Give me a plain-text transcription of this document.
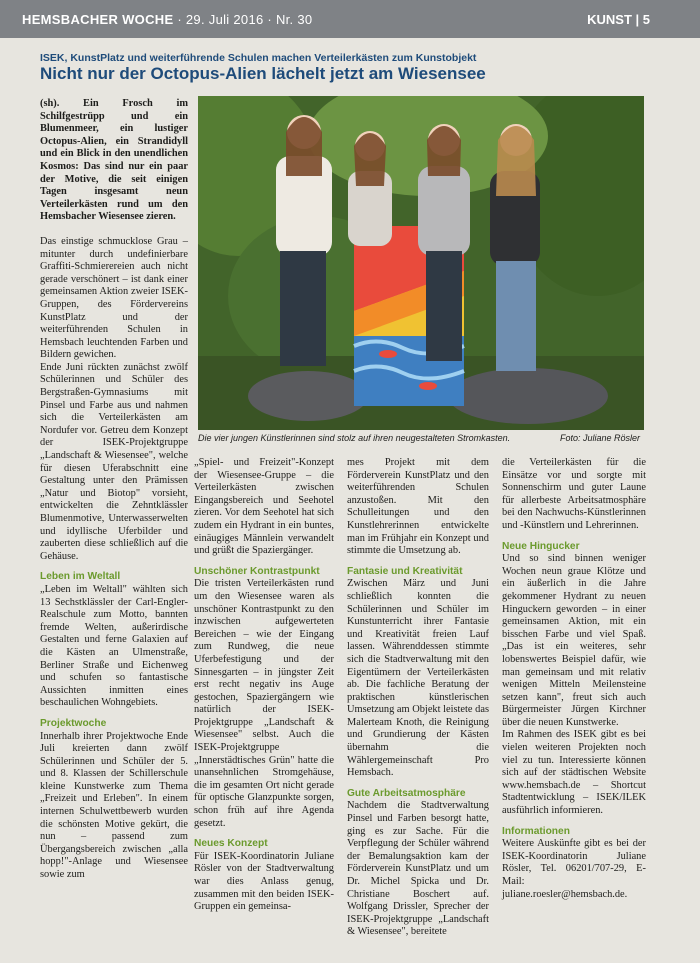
HEMSBACHER WOCHE · 29. Juli 2016 · Nr. 30	KUNST | 5
ISEK, KunstPlatz und weiterführende Schulen machen Verteilerkästen zum Kunstobjekt
Nicht nur der Octopus-Alien lächelt jetzt am Wiesensee
Die vier jungen Künstlerinnen sind stolz auf ihren neugestalteten Stromkasten.	Foto: Juliane Rösler

(sh). Ein Frosch im Schilfgestrüpp und ein Blumenmeer, ein lustiger Octopus-Alien, ein Strandidyll und ein Blick in den unendlichen Kosmos: Das sind nur ein paar der Motive, die seit einigen Tagen insgesamt neun Verteilerkästen rund um den Hemsbacher Wiesensee zieren.

Das einstige schmucklose Grau – mitunter durch undefinierbare Graffiti-Schmierereien auch nicht gerade verschönert – ist dank einer gemeinsamen Aktion zweier ISEK-Gruppen, des Fördervereins KunstPlatz und der weiterführenden Schulen in Hemsbach leuchtenden Farben und Bildern gewichen.

Ende Juni rückten zunächst zwölf Schülerinnen und Schüler des Bergstraßen-Gymnasiums mit Pinsel und Farbe aus und nahmen sich die Verteilerkästen am Nordufer vor. Getreu dem Konzept der ISEK-Projektgruppe „Landschaft & Wiesensee", welche für diesen Uferabschnitt eine Gestaltung unter den Prämissen „Natur und Biotop" vorsieht, entwickelten die Zehntklässler Blumenmotive, Unterwasserwelten und idyllische Uferbilder und zauberten diese schließlich auf die Gehäuse.

Leben im Weltall

„Leben im Weltall" wählten sich 13 Sechstklässler der Carl-Engler-Realschule zum Motto, bannten fremde Welten, außerirdische Gestalten und ferne Galaxien auf die Kästen an Ulmenstraße, Berliner Straße und Eichenweg und schufen so fantastische Aussichten inmitten eines beschaulichen Wohngebiets.

Projektwoche

Innerhalb ihrer Projektwoche Ende Juli kreierten dann zwölf Schülerinnen und Schüler der 5. und 8. Klassen der Schillerschule kleine Kunstwerke zum Thema „Freizeit und Erleben". In einem internen Schulwettbewerb wurden die schönsten Motive gekürt, die nun – passend zum Übergangsbereich zwischen „alla hopp!"-Anlage und Wiesensee sowie zum

„Spiel- und Freizeit"-Konzept der Wiesensee-Gruppe – die Verteilerkästen zwischen Eingangsbereich und Seehotel zieren. Vor dem Seehotel hat sich zudem ein Hydrant in ein buntes, einäugiges Männlein verwandelt und grüßt die Spaziergänger.

Unschöner Kontrastpunkt

Die tristen Verteilerkästen rund um den Wiesensee waren als unschöner Kontrastpunkt zu den inzwischen aufgewerteten Bereichen – wie der Eingang zum Rundweg, die neue Uferbefestigung und der Sinnesgarten – in jüngster Zeit erst recht negativ ins Auge gestochen, Spaziergängern wie natürlich der ISEK-Projektgruppe „Landschaft & Wiesensee" selbst. Auch die ISEK-Projektgruppe „Innerstädtisches Grün" hatte die unansehnlichen Stromgehäuse, die im gesamten Ort nicht gerade für optische Glanzpunkte sorgen, schon früh auf ihre Agenda gesetzt.

Neues Konzept

Für ISEK-Koordinatorin Juliane Rösler von der Stadtverwaltung war dies Anlass genug, zusammen mit den beiden ISEK-Gruppen ein gemeinsa-

mes Projekt mit dem Förderverein KunstPlatz und den weiterführenden Schulen anzustoßen. Mit den Schulleitungen und den Kunstlehrerinnen entwickelte man im Frühjahr ein Konzept und stimmte die Umsetzung ab.

Fantasie und Kreativität

Zwischen März und Juni schließlich konnten die Schülerinnen und Schüler im Kunstunterricht ihrer Fantasie und Kreativität freien Lauf lassen. Währenddessen stimmte sich die Stadtverwaltung mit den Eigentümern der Verteilerkästen ab. Die fachliche Beratung der praktischen künstlerischen Umsetzung am Objekt leistete das Malerteam Knoth, die Reinigung und Grundierung der Kästen übernahm die Wählergemeinschaft Pro Hemsbach.

Gute Arbeitsatmosphäre

Nachdem die Stadtverwaltung Pinsel und Farben besorgt hatte, ging es zur Sache. Für die Verpflegung der Schüler während der Bemalungsaktion kam der Förderverein KunstPlatz und um Dr. Michel Spicka und Dr. Christiane Boschert auf. Wolfgang Drissler, Sprecher der ISEK-Projektgruppe „Landschaft & Wiesensee", bereitete

die Verteilerkästen für die Einsätze vor und sorgte mit Sonnenschirm und guter Laune für allerbeste Arbeitsatmosphäre bei den Nachwuchs-Künstlerinnen und -Künstlern und Lehrerinnen.

Neue Hingucker

Und so sind binnen weniger Wochen neun graue Klötze und ein äußerlich in die Jahre gekommener Hydrant zu neuen Hinguckern geworden – in einer gemeinsamen Aktion, mit ein bisschen Farbe und viel Spaß. „Das ist ein weiteres, sehr lobenswertes Beispiel dafür, wie man gemeinsam und mit relativ wenigen Mitteln Meilensteine setzen kann", freut sich auch Bürgermeister Jürgen Kirchner über die neuen Kunstwerke.

Im Rahmen des ISEK gibt es bei vielen weiteren Projekten noch viel zu tun. Interessierte können sich auf der städtischen Website www.hemsbach.de – Shortcut Stadtentwicklung – ISEK/ILEK ausführlich informieren.

Informationen

Weitere Auskünfte gibt es bei der ISEK-Koordinatorin Juliane Rösler, Tel. 06201/707-29, E-Mail: juliane.roesler@hemsbach.de.
